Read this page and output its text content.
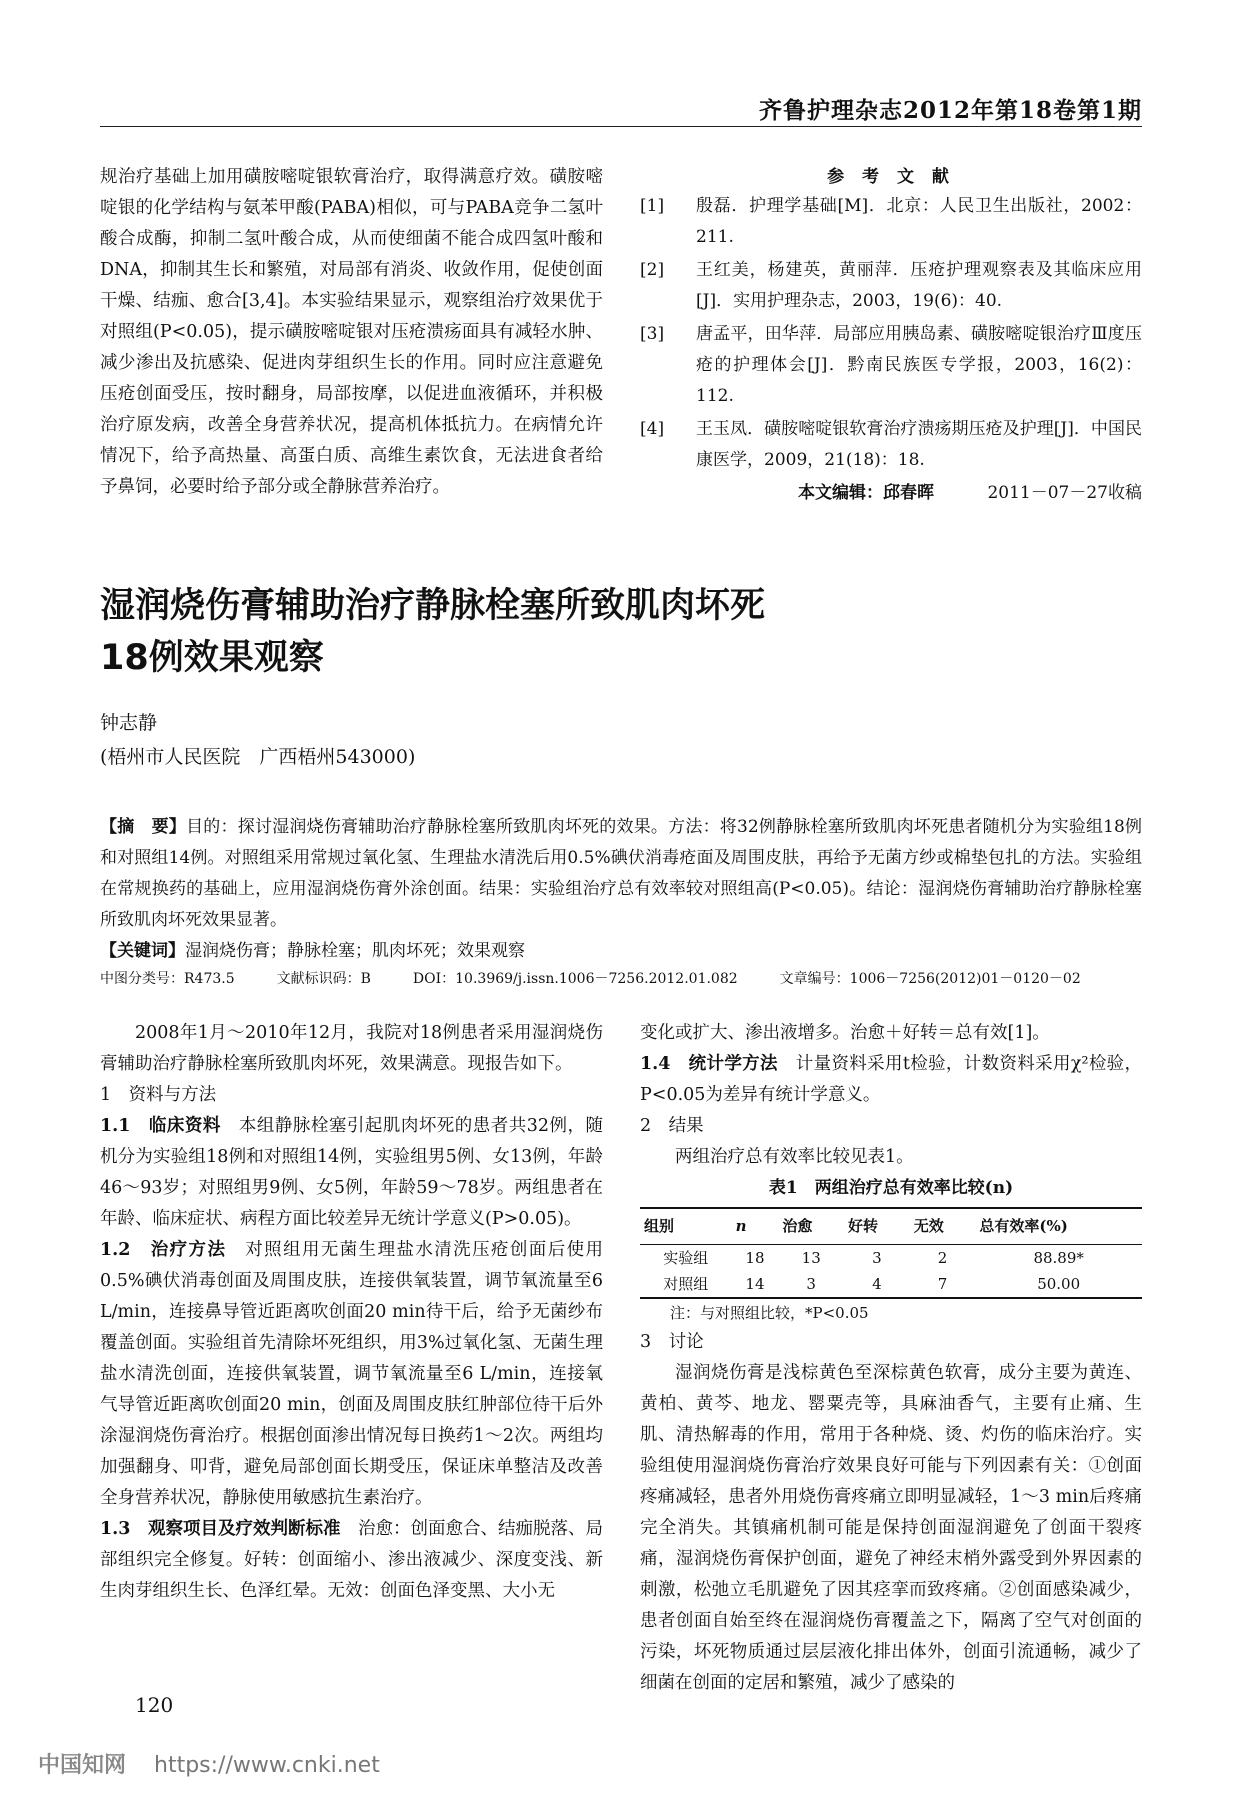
齐鲁护理杂志2012年第18卷第1期

规治疗基础上加用磺胺嘧啶银软膏治疗，取得满意疗效。磺胺嘧啶银的化学结构与氨苯甲酸(PABA)相似，可与PABA竞争二氢叶酸合成酶，抑制二氢叶酸合成，从而使细菌不能合成四氢叶酸和DNA，抑制其生长和繁殖，对局部有消炎、收敛作用，促使创面干燥、结痂、愈合[3,4]。本实验结果显示，观察组治疗效果优于对照组(P<0.05)，提示磺胺嘧啶银对压疮溃疡面具有减轻水肿、减少渗出及抗感染、促进肉芽组织生长的作用。同时应注意避免压疮创面受压，按时翻身，局部按摩，以促进血液循环，并积极治疗原发病，改善全身营养状况，提高机体抵抗力。在病情允许情况下，给予高热量、高蛋白质、高维生素饮食，无法进食者给予鼻饲，必要时给予部分或全静脉营养治疗。

参 考 文 献
[1]	殷磊．护理学基础[M]．北京：人民卫生出版社，2002：211.
[2]	王红美，杨建英，黄丽萍．压疮护理观察表及其临床应用[J]．实用护理杂志，2003，19(6)：40.
[3]	唐孟平，田华萍．局部应用胰岛素、磺胺嘧啶银治疗Ⅲ度压疮的护理体会[J]．黔南民族医专学报，2003，16(2)：112.
[4]	王玉凤．磺胺嘧啶银软膏治疗溃疡期压疮及护理[J]．中国民康医学，2009，21(18)：18.
本文编辑：邱春晖	2011－07－27收稿
湿润烧伤膏辅助治疗静脉栓塞所致肌肉坏死
18例效果观察
钟志静
(梧州市人民医院　广西梧州543000)

【摘　要】目的：探讨湿润烧伤膏辅助治疗静脉栓塞所致肌肉坏死的效果。方法：将32例静脉栓塞所致肌肉坏死患者随机分为实验组18例和对照组14例。对照组采用常规过氧化氢、生理盐水清洗后用0.5%碘伏消毒疮面及周围皮肤，再给予无菌方纱或棉垫包扎的方法。实验组在常规换药的基础上，应用湿润烧伤膏外涂创面。结果：实验组治疗总有效率较对照组高(P<0.05)。结论：湿润烧伤膏辅助治疗静脉栓塞所致肌肉坏死效果显著。

【关键词】湿润烧伤膏；静脉栓塞；肌肉坏死；效果观察

中图分类号：R473.5	文献标识码：B	DOI：10.3969/j.issn.1006－7256.2012.01.082	文章编号：1006－7256(2012)01－0120－02

2008年1月～2010年12月，我院对18例患者采用湿润烧伤膏辅助治疗静脉栓塞所致肌肉坏死，效果满意。现报告如下。

1　资料与方法

1.1　临床资料　 本组静脉栓塞引起肌肉坏死的患者共32例，随机分为实验组18例和对照组14例，实验组男5例、女13例，年龄46～93岁；对照组男9例、女5例，年龄59～78岁。两组患者在年龄、临床症状、病程方面比较差异无统计学意义(P>0.05)。

1.2　治疗方法　 对照组用无菌生理盐水清洗压疮创面后使用0.5%碘伏消毒创面及周围皮肤，连接供氧装置，调节氧流量至6 L/min，连接鼻导管近距离吹创面20 min待干后，给予无菌纱布覆盖创面。实验组首先清除坏死组织，用3%过氧化氢、无菌生理盐水清洗创面，连接供氧装置，调节氧流量至6 L/min，连接氧气导管近距离吹创面20 min，创面及周围皮肤红肿部位待干后外涂湿润烧伤膏治疗。根据创面渗出情况每日换药1～2次。两组均加强翻身、叩背，避免局部创面长期受压，保证床单整洁及改善全身营养状况，静脉使用敏感抗生素治疗。

1.3　观察项目及疗效判断标准　 治愈：创面愈合、结痂脱落、局部组织完全修复。好转：创面缩小、渗出液减少、深度变浅、新生肉芽组织生长、色泽红晕。无效：创面色泽变黑、大小无

变化或扩大、渗出液增多。治愈＋好转＝总有效[1]。

1.4　统计学方法　 计量资料采用t检验，计数资料采用χ²检验，P<0.05为差异有统计学意义。

2　结果

两组治疗总有效率比较见表1。

表1　两组治疗总有效率比较(n)
组别	n	治愈	好转	无效	总有效率(%)
实验组	18	13	3	2	88.89*
对照组	14	3	4	7	50.00
注：与对照组比较，*P<0.05

3　讨论

湿润烧伤膏是浅棕黄色至深棕黄色软膏，成分主要为黄连、黄柏、黄芩、地龙、罂粟壳等，具麻油香气，主要有止痛、生肌、清热解毒的作用，常用于各种烧、烫、灼伤的临床治疗。实验组使用湿润烧伤膏治疗效果良好可能与下列因素有关：①创面疼痛减轻，患者外用烧伤膏疼痛立即明显减轻，1～3 min后疼痛完全消失。其镇痛机制可能是保持创面湿润避免了创面干裂疼痛，湿润烧伤膏保护创面，避免了神经末梢外露受到外界因素的刺激，松弛立毛肌避免了因其痉挛而致疼痛。②创面感染减少，患者创面自始至终在湿润烧伤膏覆盖之下，隔离了空气对创面的污染，坏死物质通过层层液化排出体外，创面引流通畅，减少了细菌在创面的定居和繁殖，减少了感染的

120
中国知网 https://www.cnki.net
